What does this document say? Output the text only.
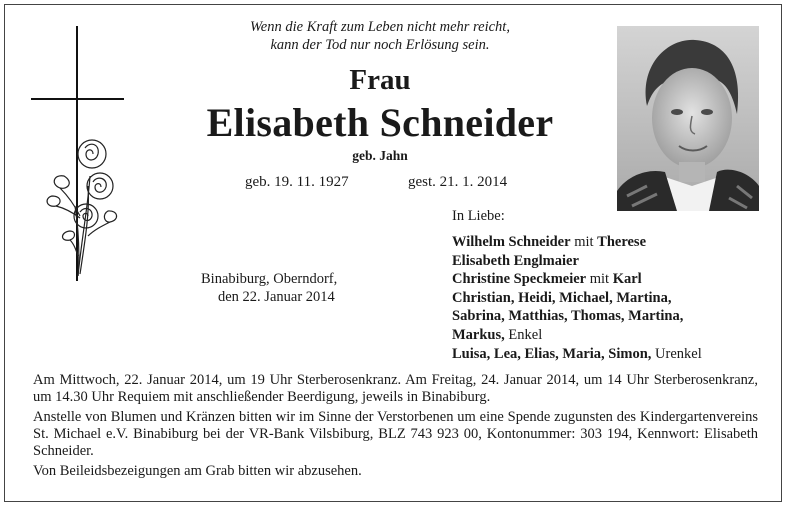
Wenn die Kraft zum Leben nicht mehr reicht,
kann der Tod nur noch Erlösung sein.
Frau
Elisabeth Schneider
geb. Jahn
geb. 19. 11. 1927	gest. 21. 1. 2014
Binabiburg, Oberndorf,
den 22. Januar 2014
In Liebe:
Wilhelm Schneider mit Therese
Elisabeth Englmaier
Christine Speckmeier mit Karl
Christian, Heidi, Michael, Martina,
Sabrina, Matthias, Thomas, Martina,
Markus, Enkel
Luisa, Lea, Elias, Maria, Simon, Urenkel

Am Mittwoch, 22. Januar 2014, um 19 Uhr Sterberosenkranz. Am Freitag, 24. Januar 2014, um 14 Uhr Sterberosenkranz, um 14.30 Uhr Requiem mit anschließender Beerdigung, jeweils in Binabiburg.

Anstelle von Blumen und Kränzen bitten wir im Sinne der Verstorbenen um eine Spende zugunsten des Kindergartenvereins St. Michael e.V. Binabiburg bei der VR-Bank Vilsbiburg, BLZ 743 923 00, Kontonummer: 303 194, Kennwort: Elisabeth Schneider.

Von Beileidsbezeigungen am Grab bitten wir abzusehen.
